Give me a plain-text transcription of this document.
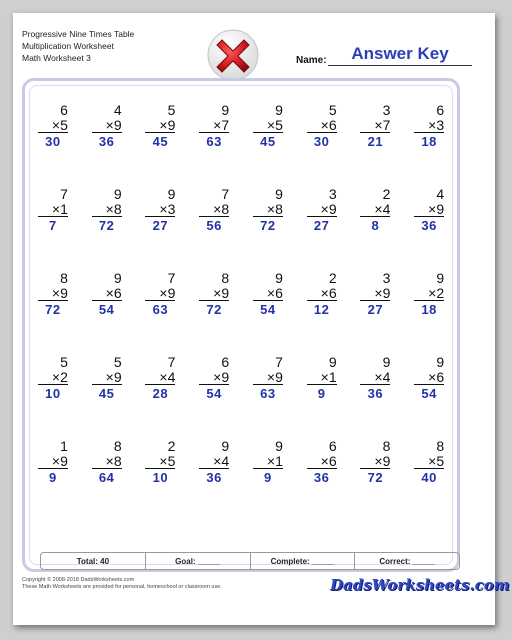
Progressive Nine Times Table
Multiplication Worksheet
Math Worksheet 3	Name:	Answer Key
6
×5
30
4
×9
36
5
×9
45
9
×7
63
9
×5
45
5
×6
30
3
×7
21
6
×3
18
7
×1
7
9
×8
72
9
×3
27
7
×8
56
9
×8
72
3
×9
27
2
×4
8
4
×9
36
8
×9
72
9
×6
54
7
×9
63
8
×9
72
9
×6
54
2
×6
12
3
×9
27
9
×2
18
5
×2
10
5
×9
45
7
×4
28
6
×9
54
7
×9
63
9
×1
9
9
×4
36
9
×6
54
1
×9
9
8
×8
64
2
×5
10
9
×4
36
9
×1
9
6
×6
36
8
×9
72
8
×5
40
Total: 40	Goal: _____	Complete: _____	Correct: _____
Copyright © 2008-2018 DadsWorksheets.com
These Math Worksheets are provided for personal, homeschool or classroom use.	DadsWorksheets.com
